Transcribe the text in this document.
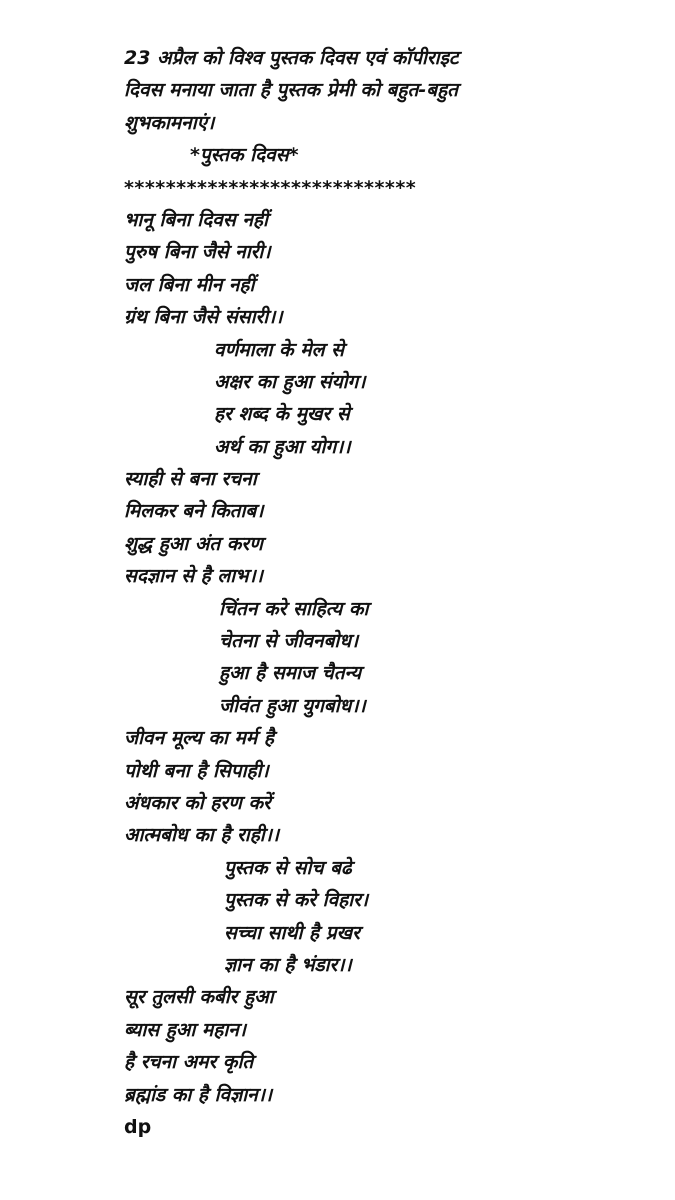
23 अप्रैल को विश्व पुस्तक दिवस एवं कॉपीराइट
दिवस मनाया जाता है पुस्तक प्रेमी को बहुत-बहुत
शुभकामनाएं।
*पुस्तक दिवस*
****************************
भानू बिना दिवस नहीं
पुरुष बिना जैसे नारी।
जल बिना मीन नहीं
ग्रंथ बिना जैसे संसारी।।
वर्णमाला के मेल से
अक्षर का हुआ संयोग।
हर शब्द के मुखर से
अर्थ का हुआ योग।।
स्याही से बना रचना
मिलकर बने किताब।
शुद्ध हुआ अंत करण
सदज्ञान से है लाभ।।
चिंतन करे साहित्य का
चेतना से जीवनबोध।
हुआ है समाज चैतन्य
जीवंत हुआ युगबोध।।
जीवन मूल्य का मर्म है
पोथी बना है सिपाही।
अंधकार को हरण करें
आत्मबोध का है राही।।
पुस्तक से सोच बढे
पुस्तक से करे विहार।
सच्चा साथी है प्रखर
ज्ञान का है भंडार।।
सूर तुलसी कबीर हुआ
ब्यास हुआ महान।
है रचना अमर कृति
ब्रह्मांड का है विज्ञान।।
dp
